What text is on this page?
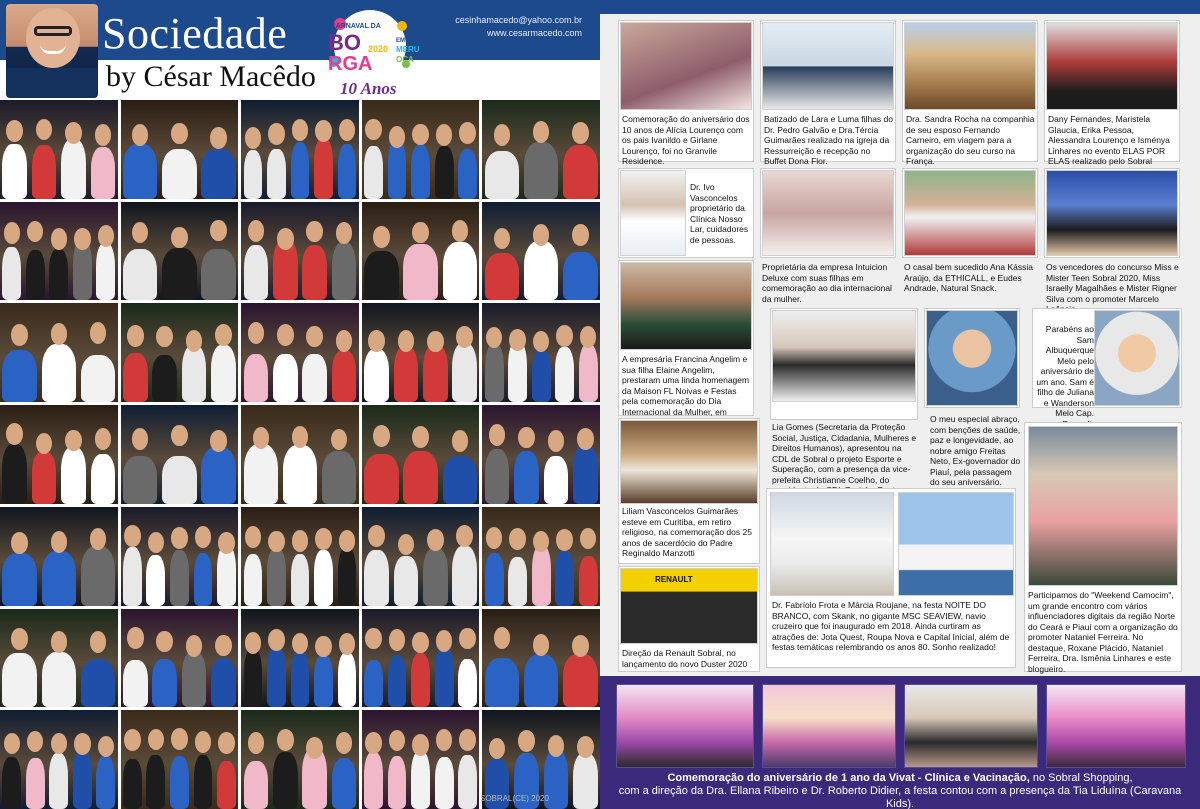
Sociedade
by César Macêdo
X CARNAVAL DA
BO
RGA
2020
EM
MERU
OCA
10 Anos
cesinhamacedo@yahoo.com.br
www.cesarmacedo.com
SOBRAL(CE) 2020
Comemoração do aniversário dos 10 anos de Alícia Lourenço com os pais Ivanildo e Girlane Lourenço, foi no Granvile Residence.
Batizado de Lara e Luma filhas do Dr. Pedro Galvão e Dra.Tércia Guimarães realizado na igreja da Ressurreição e recepção no Buffet Dona Flor.
Dra. Sandra Rocha na companhia de seu esposo Fernando Carneiro, em viagem para a organização do seu curso na França.
Dany Fernandes, Maristela Glaucia, Erika Pessoa, Alessandra Lourenço e Isménya Linhares no evento ELAS POR ELAS realizado pelo Sobral
Dr. Ivo Vasconcelos proprietário da Clínica Nosso Lar, cuidadores de pessoas.
Proprietária da empresa Intuicion Deluxe com suas filhas em comemoração ao dia internacional da mulher.
O casal bem sucedido Ana Kássia Araújo, da ETHICALL, e Eudes Andrade, Natural Snack.
Os vencedores do concurso Miss e Mister Teen Sobral 2020, Miss Israelly Magalhães e Mister Rigner Silva com o promoter Marcelo
A empresária Francina Angelim e sua filha Elaine Angelim, prestaram uma linda homenagem da Maison FL Noivas e Festas pela comemoração do Dia Internacional da Mulher, em
Lia Gomes (Secretaria da Proteção Social, Justiça, Cidadania, Mulheres e Direitos Humanos), apresentou na CDL de Sobral o projeto Esporte e Superação, com a presença da vice-prefeita Christianne Coelho, do
O meu especial abraço, com benções de saúde, paz e longevidade, ao nobre amigo Freitas Neto, Ex-governador do Piauí, pela passagem do seu aniversário.
Parabéns ao Sam Albuquerque Melo pelo aniversário de um ano. Sam é filho de Juliana e Wanderson Melo Cap.
Liliam Vasconcelos Guimarães esteve em Curitiba, em retiro religioso, na comemoração dos 25 anos de sacerdócio do Padre Reginaldo Manzotti
RENAULT
Direção da Renault Sobral, no lançamento do novo Duster 2020
Dr. Fabríolo Frota e Márcia Roujane, na festa NOITE DO BRANCO, com Skank, no gigante MSC SEAVIEW, navio cruzeiro que foi inaugurado em 2018. Ainda curtiram as atrações de: Jota Quest, Roupa Nova e Capital Inicial, além de festas temáticas relembrando os anos 80. Sonho realizado!
Participamos do "Weekend Camocim", um grande encontro com vários influenciadores digitais da região Norte do Ceará e Piauí com a organização do promoter Nataniel Ferreira. No destaque, Roxane Plácido, Nataniel Ferreira, Dra. Ismênia Linhares e este blogueiro.
Comemoração do aniversário de 1 ano da Vivat - Clínica e Vacinação, no Sobral Shopping,
com a direção da Dra. Ellana Ribeiro e Dr. Roberto Didier, a festa contou com a presença da Tia Liduína (Caravana Kids).
